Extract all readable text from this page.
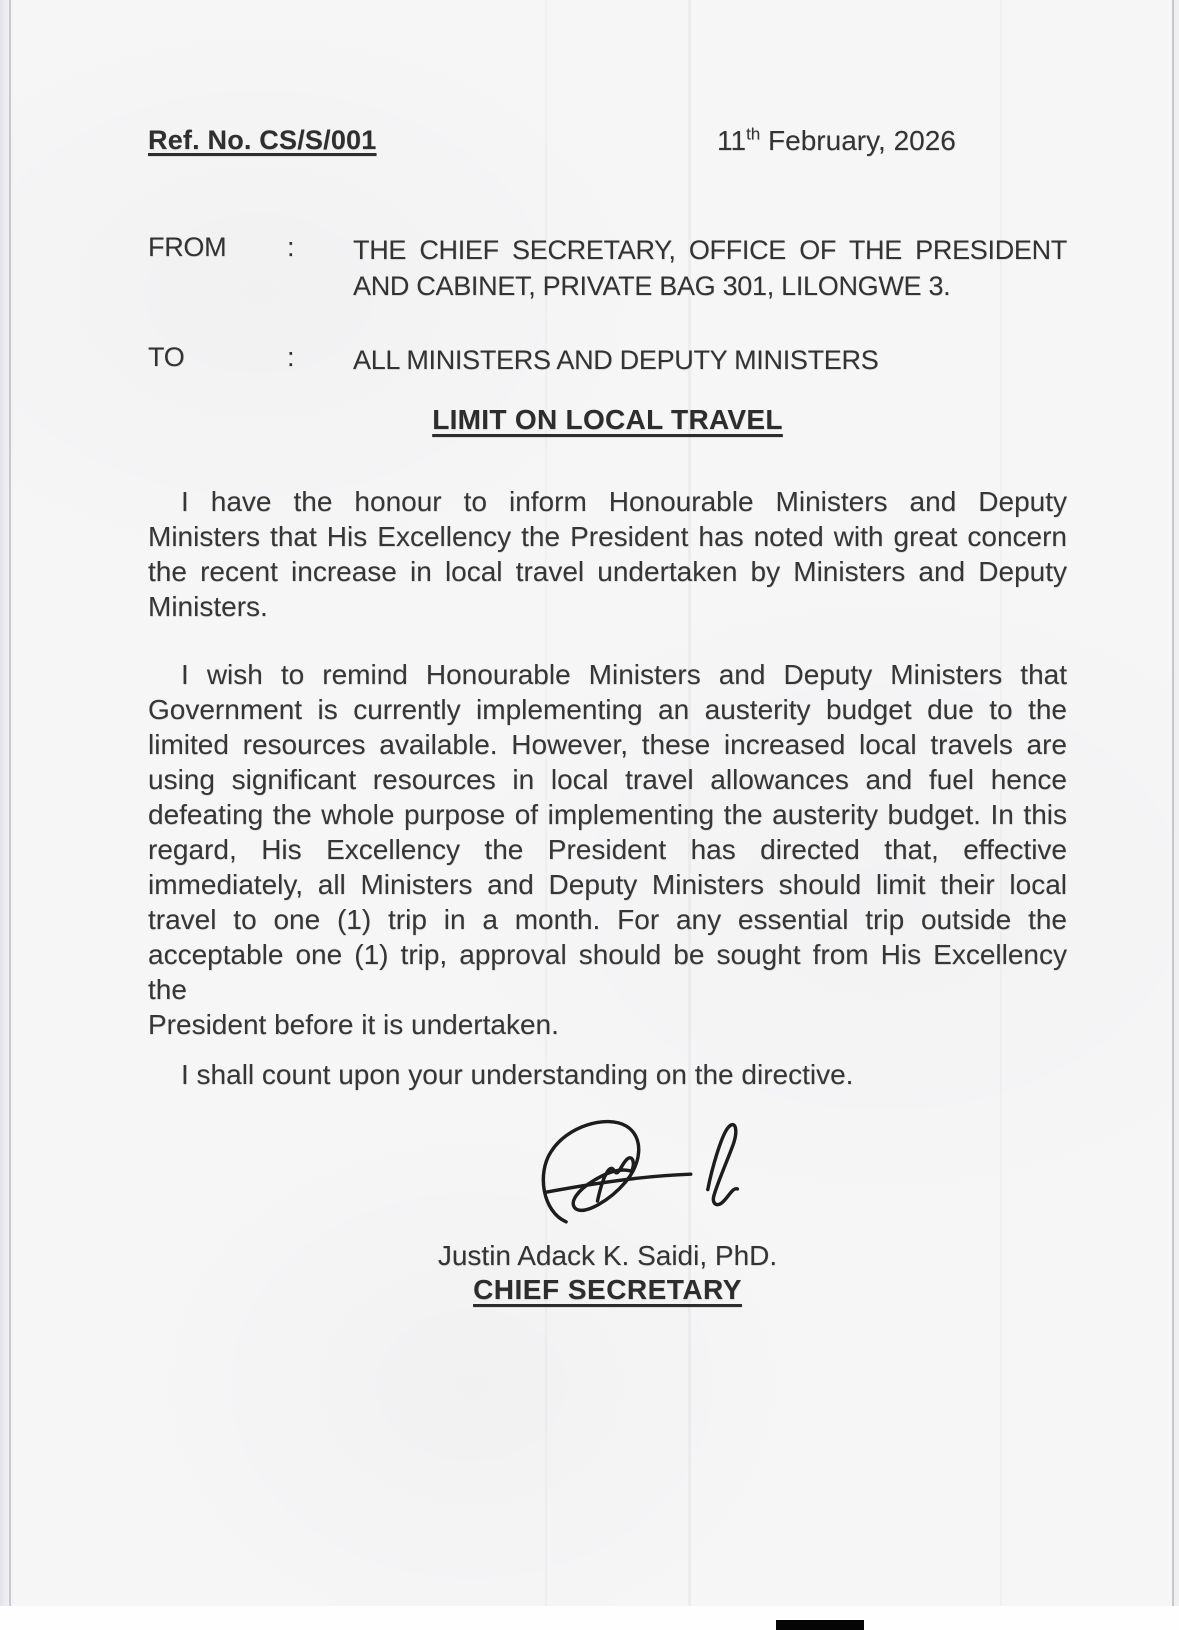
Ref. No. CS/S/001	11th February, 2026
FROM : THE CHIEF SECRETARY, OFFICE OF THE PRESIDENT
AND CABINET, PRIVATE BAG 301, LILONGWE 3.
TO	: ALL MINISTERS AND DEPUTY MINISTERS
LIMIT ON LOCAL TRAVEL
I have the honour to inform Honourable Ministers and Deputy
Ministers that His Excellency the President has noted with great concern
the recent increase in local travel undertaken by Ministers and Deputy
Ministers.
I wish to remind Honourable Ministers and Deputy Ministers that
Government is currently implementing an austerity budget due to the
limited resources available. However, these increased local travels are
using significant resources in local travel allowances and fuel hence
defeating the whole purpose of implementing the austerity budget. In this
regard, His Excellency the President has directed that, effective
immediately, all Ministers and Deputy Ministers should limit their local
travel to one (1) trip in a month. For any essential trip outside the
acceptable one (1) trip, approval should be sought from His Excellency the
President before it is undertaken.
I shall count upon your understanding on the directive.
Justin Adack K. Saidi, PhD.
CHIEF SECRETARY
